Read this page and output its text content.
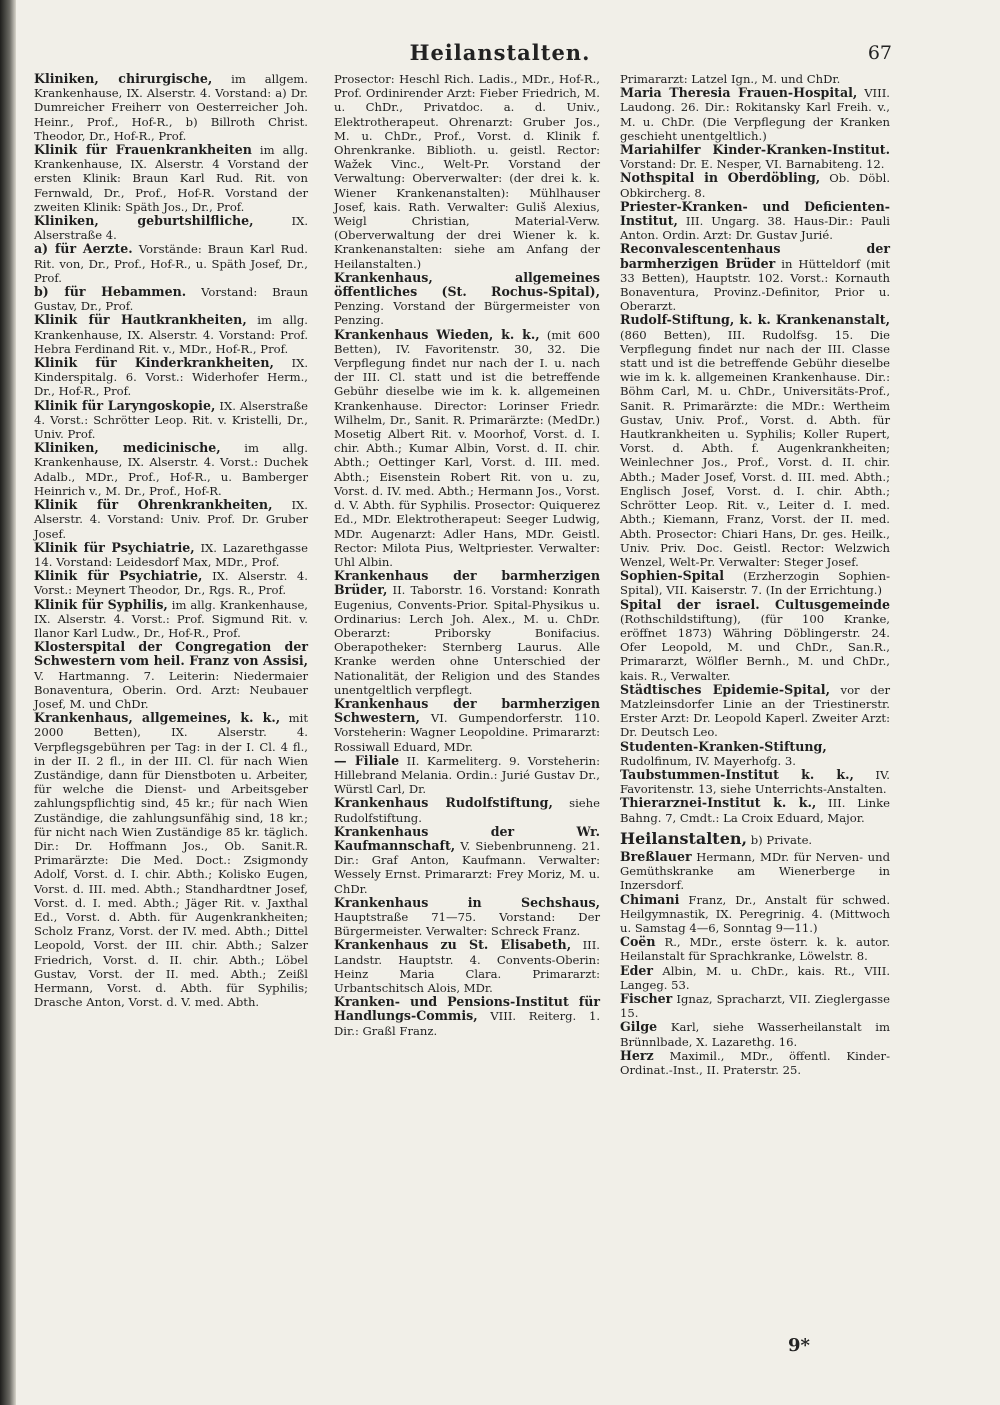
Heilanstalten.	67

Kliniken, chirurgische, im allgem. Krankenhause, IX. Alserstr. 4. Vorstand: a) Dr. Dumreicher Freiherr von Oesterreicher Joh. Heinr., Prof., Hof-R., b) Billroth Christ. Theodor, Dr., Hof-R., Prof.

Klinik für Frauenkrankheiten im allg. Krankenhause, IX. Alserstr. 4 Vorstand der ersten Klinik: Braun Karl Rud. Rit. von Fernwald, Dr., Prof., Hof-R. Vorstand der zweiten Klinik: Späth Jos., Dr., Prof.

Kliniken, geburtshilfliche,	IX. Alserstraße 4.

a) für Aerzte. Vorstände: Braun Karl Rud. Rit. von, Dr., Prof., Hof-R., u. Späth Josef, Dr., Prof.

b) für Hebammen. Vorstand: Braun Gustav, Dr., Prof.

Klinik für Hautkrankheiten, im allg. Krankenhause, IX. Alserstr. 4. Vorstand: Prof. Hebra Ferdinand Rit. v., MDr., Hof-R., Prof.

Klinik für Kinderkrankheiten, IX. Kinderspitalg. 6. Vorst.: Widerhofer Herm., Dr., Hof-R., Prof.

Klinik für Laryngoskopie, IX. Alserstraße 4. Vorst.: Schrötter Leop. Rit. v. Kristelli, Dr., Univ. Prof.

Kliniken, medicinische, im allg. Krankenhause, IX. Alserstr. 4. Vorst.: Duchek Adalb., MDr., Prof., Hof-R., u. Bamberger Heinrich v., M. Dr., Prof., Hof-R.

Klinik für Ohrenkrankheiten, IX. Alserstr. 4. Vorstand: Univ. Prof. Dr. Gruber Josef.

Klinik für Psychiatrie, IX. Lazarethgasse 14. Vorstand: Leidesdorf Max, MDr., Prof.

Klinik für Psychiatrie, IX. Alserstr. 4. Vorst.: Meynert Theodor, Dr., Rgs. R., Prof.

Klinik für Syphilis, im allg. Krankenhause, IX. Alserstr. 4. Vorst.: Prof. Sigmund Rit. v. Ilanor Karl Ludw., Dr., Hof-R., Prof.

Klosterspital der Congregation der Schwestern vom heil. Franz von Assisi, V. Hartmanng. 7. Leiterin: Niedermaier Bonaventura, Oberin. Ord. Arzt: Neubauer Josef, M. und ChDr.

Krankenhaus, allgemeines, k. k., mit 2000 Betten), IX. Alserstr. 4. Verpflegsgebühren per Tag: in der I. Cl. 4 fl., in der II. 2 fl., in der III. Cl. für nach Wien Zuständige, dann für Dienstboten u. Arbeiter, für welche die Dienst- und Arbeitsgeber zahlungspflichtig sind, 45 kr.; für nach Wien Zuständige, die zahlungsunfähig sind, 18 kr.; für nicht nach Wien Zuständige 85 kr. täglich. Dir.: Dr. Hoffmann Jos., Ob. Sanit.R. Primarärzte: Die Med. Doct.: Zsigmondy Adolf, Vorst. d. I. chir. Abth.; Kolisko Eugen, Vorst. d. III. med. Abth.; Standhardtner Josef, Vorst. d. I. med. Abth.; Jäger Rit. v. Jaxthal Ed., Vorst. d. Abth. für Augenkrankheiten; Scholz Franz, Vorst. der IV. med. Abth.; Dittel Leopold, Vorst. der III. chir. Abth.; Salzer Friedrich, Vorst. d. II. chir. Abth.; Löbel Gustav, Vorst. der II. med. Abth.; Zeißl Hermann, Vorst. d. Abth. für Syphilis; Drasche Anton, Vorst. d. V. med. Abth.

Prosector: Heschl Rich. Ladis., MDr., Hof-R., Prof. Ordinirender Arzt: Fieber Friedrich, M. u. ChDr., Privatdoc. a. d. Univ., Elektrotherapeut. Ohrenarzt: Gruber Jos., M. u. ChDr., Prof., Vorst. d. Klinik f. Ohrenkranke. Biblioth. u. geistl. Rector: Wažek Vinc., Welt-Pr. Vorstand der Verwaltung: Oberverwalter: (der drei k. k. Wiener Krankenanstalten): Mühlhauser Josef, kais. Rath. Verwalter: Guliš Alexius, Weigl Christian, Material-Verw. (Oberverwaltung der drei Wiener k. k. Krankenanstalten: siehe am Anfang der Heilanstalten.)

Krankenhaus, allgemeines öffentliches (St. Rochus-Spital), Penzing. Vorstand der Bürgermeister von Penzing.

Krankenhaus Wieden, k. k., (mit 600 Betten), IV. Favoritenstr. 30, 32. Die Verpflegung findet nur nach der I. u. nach der III. Cl. statt und ist die betreffende Gebühr dieselbe wie im k. k. allgemeinen Krankenhause. Director: Lorinser Friedr. Wilhelm, Dr., Sanit. R. Primarärzte: (MedDr.) Mosetig Albert Rit. v. Moorhof, Vorst. d. I. chir. Abth.; Kumar Albin, Vorst. d. II. chir. Abth.; Oettinger Karl, Vorst. d. III. med. Abth.; Eisenstein Robert Rit. von u. zu, Vorst. d. IV. med. Abth.; Hermann Jos., Vorst. d. V. Abth. für Syphilis. Prosector: Quiquerez Ed., MDr. Elektrotherapeut: Seeger Ludwig, MDr. Augenarzt: Adler Hans, MDr. Geistl. Rector: Milota Pius, Weltpriester. Verwalter: Uhl Albin.

Krankenhaus der barmherzigen Brüder, II. Taborstr. 16. Vorstand: Konrath Eugenius, Convents-Prior. Spital-Physikus u. Ordinarius: Lerch Joh. Alex., M. u. ChDr. Oberarzt: Priborsky Bonifacius. Oberapotheker: Sternberg Laurus. Alle Kranke werden ohne Unterschied der Nationalität, der Religion und des Standes unentgeltlich verpflegt.

Krankenhaus der barmherzigen Schwestern, VI. Gumpendorferstr. 110. Vorsteherin: Wagner Leopoldine. Primararzt: Rossiwall Eduard, MDr.

— Filiale II. Karmeliterg. 9. Vorsteherin: Hillebrand Melania. Ordin.: Jurié Gustav Dr., Würstl Carl, Dr.

Krankenhaus Rudolfstiftung, siehe Rudolfstiftung.

Krankenhaus der Wr. Kaufmannschaft, V. Siebenbrunneng. 21. Dir.: Graf Anton, Kaufmann. Verwalter: Wessely Ernst. Primararzt: Frey Moriz, M. u. ChDr.

Krankenhaus in Sechshaus, Hauptstraße 71—75. Vorstand: Der Bürgermeister. Verwalter: Schreck Franz.

Krankenhaus zu St. Elisabeth, III. Landstr. Hauptstr. 4. Convents-Oberin: Heinz Maria Clara. Primararzt: Urbantschitsch Alois, MDr.

Kranken- und Pensions-Institut für Handlungs-Commis, VIII. Reiterg. 1. Dir.: Graßl Franz.

Primararzt: Latzel Ign., M. und ChDr.

Maria Theresia Frauen-Hospital, VIII. Laudong. 26. Dir.: Rokitansky Karl Freih. v., M. u. ChDr. (Die Verpflegung der Kranken geschieht unentgeltlich.)

Mariahilfer Kinder-Kranken-Institut. Vorstand: Dr. E. Nesper, VI. Barnabiteng. 12.

Nothspital in Oberdöbling, Ob. Döbl. Obkircherg. 8.

Priester-Kranken- und Deficienten-Institut, III. Ungarg. 38. Haus-Dir.: Pauli Anton. Ordin. Arzt: Dr. Gustav Jurié.

Reconvalescentenhaus der barmherzigen Brüder in Hütteldorf (mit 33 Betten), Hauptstr. 102. Vorst.: Kornauth Bonaventura, Provinz.-Definitor, Prior u. Oberarzt.

Rudolf-Stiftung, k. k. Krankenanstalt, (860 Betten), III. Rudolfsg. 15. Die Verpflegung findet nur nach der III. Classe statt und ist die betreffende Gebühr dieselbe wie im k. k. allgemeinen Krankenhause. Dir.: Böhm Carl, M. u. ChDr., Universitäts-Prof., Sanit. R. Primarärzte: die MDr.: Wertheim Gustav, Univ. Prof., Vorst. d. Abth. für Hautkrankheiten u. Syphilis; Koller Rupert, Vorst. d. Abth. f. Augenkrankheiten; Weinlechner Jos., Prof., Vorst. d. II. chir. Abth.; Mader Josef, Vorst. d. III. med. Abth.; Englisch Josef, Vorst. d. I. chir. Abth.; Schrötter Leop. Rit. v., Leiter d. I. med. Abth.; Kiemann, Franz, Vorst. der II. med. Abth. Prosector: Chiari Hans, Dr. ges. Heilk., Univ. Priv. Doc. Geistl. Rector: Welzwich Wenzel, Welt-Pr. Verwalter: Steger Josef.

Sophien-Spital (Erzherzogin Sophien-Spital), VII. Kaiserstr. 7. (In der Errichtung.)

Spital der israel. Cultusgemeinde (Rothschildstiftung), (für 100 Kranke, eröffnet 1873) Währing Döblingerstr. 24. Ofer Leopold, M. und ChDr., San.R., Primararzt, Wölfler Bernh., M. und ChDr., kais. R., Verwalter.

Städtisches Epidemie-Spital, vor der Matzleinsdorfer Linie an der Triestinerstr. Erster Arzt: Dr. Leopold Kaperl. Zweiter Arzt: Dr. Deutsch Leo.

Studenten-Kranken-Stiftung, Rudolfinum, IV. Mayerhofg. 3.

Taubstummen-Institut k. k., IV. Favoritenstr. 13, siehe Unterrichts-Anstalten.

Thierarznei-Institut k. k., III. Linke Bahng. 7, Cmdt.: La Croix Eduard, Major.

Heilanstalten, b) Private.

Breßlauer Hermann, MDr. für Nerven- und Gemüthskranke am Wienerberge in Inzersdorf.

Chimani Franz, Dr., Anstalt für schwed. Heilgymnastik, IX. Peregrinig. 4. (Mittwoch u. Samstag 4—6, Sonntag 9—11.)

Coën R., MDr., erste österr. k. k. autor. Heilanstalt für Sprachkranke, Löwelstr. 8.

Eder Albin, M. u. ChDr., kais. Rt., VIII. Langeg. 53.

Fischer Ignaz, Spracharzt, VII. Zieglergasse 15.

Gilge Karl, siehe Wasserheilanstalt im Brünnlbade, X. Lazarethg. 16.

Herz Maximil., MDr., öffentl. Kinder-Ordinat.-Inst., II. Praterstr. 25.

9*
